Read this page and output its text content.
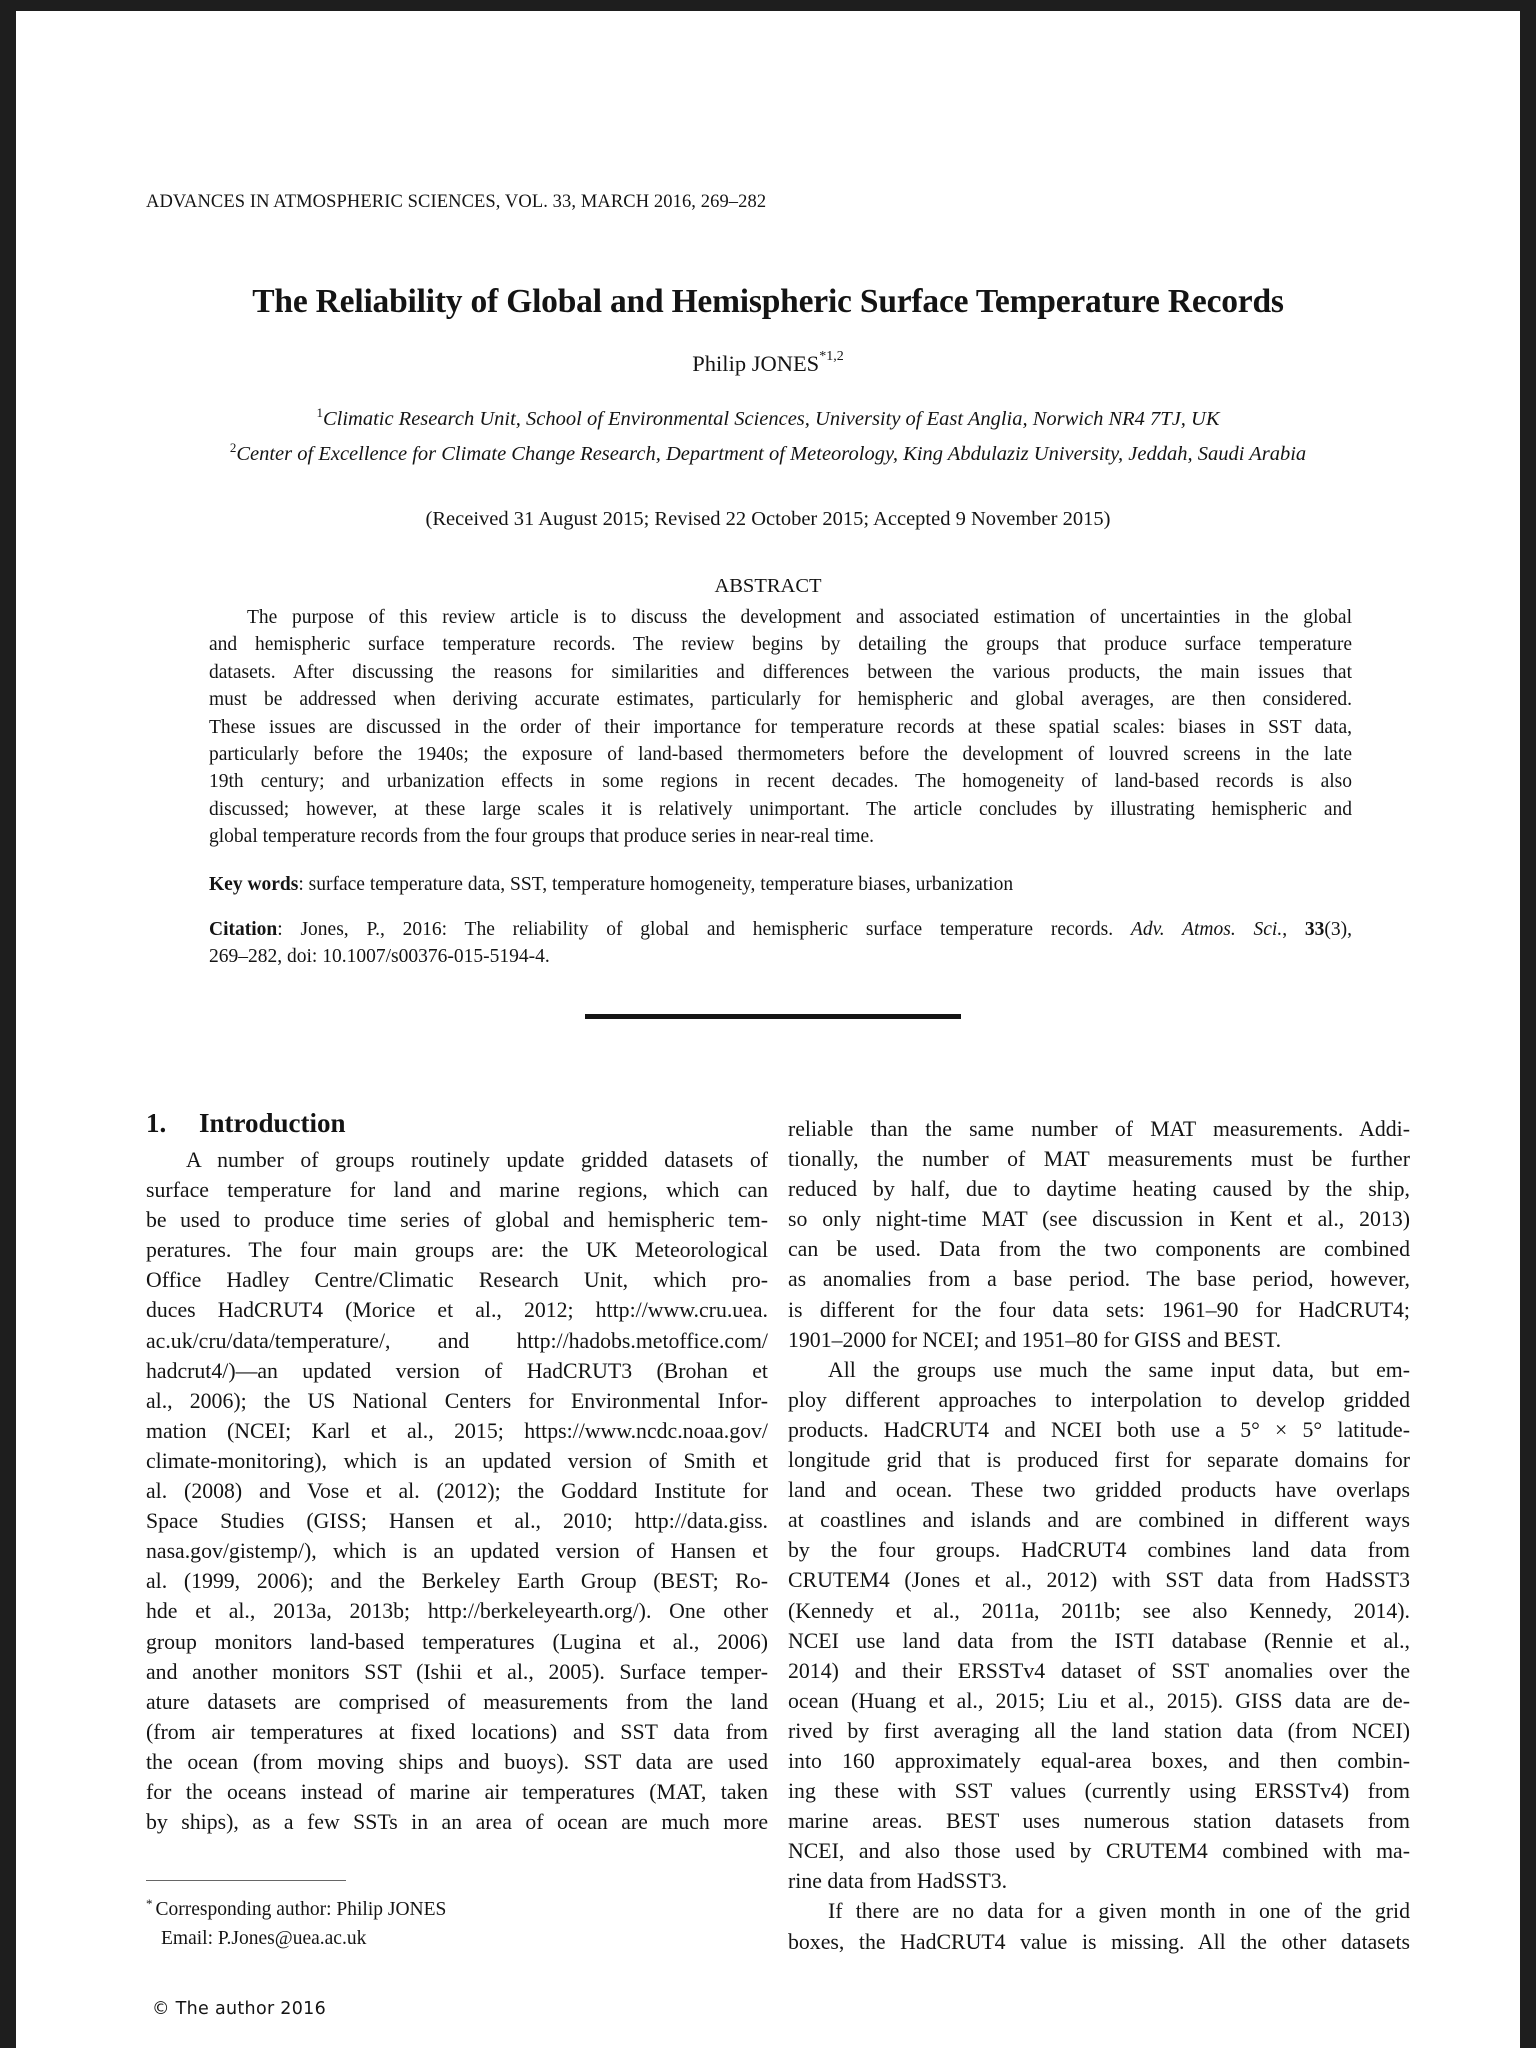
ADVANCES IN ATMOSPHERIC SCIENCES, VOL. 33, MARCH 2016, 269–282
The Reliability of Global and Hemispheric Surface Temperature Records
Philip JONES$^{*1,2}$
$^1$Climatic Research Unit, School of Environmental Sciences, University of East Anglia, Norwich NR4 7TJ, UK
$^2$Center of Excellence for Climate Change Research, Department of Meteorology, King Abdulaziz University, Jeddah, Saudi Arabia
(Received 31 August 2015; Revised 22 October 2015; Accepted 9 November 2015)
ABSTRACT
The purpose of this review article is to discuss the development and associated estimation of uncertainties in the global
and hemispheric surface temperature records. The review begins by detailing the groups that produce surface temperature
datasets. After discussing the reasons for similarities and differences between the various products, the main issues that
must be addressed when deriving accurate estimates, particularly for hemispheric and global averages, are then considered.
These issues are discussed in the order of their importance for temperature records at these spatial scales: biases in SST data,
particularly before the 1940s; the exposure of land-based thermometers before the development of louvred screens in the late
19th century; and urbanization effects in some regions in recent decades. The homogeneity of land-based records is also
discussed; however, at these large scales it is relatively unimportant. The article concludes by illustrating hemispheric and
global temperature records from the four groups that produce series in near-real time.
Key words: surface temperature data, SST, temperature homogeneity, temperature biases, urbanization
Citation: Jones, P., 2016: The reliability of global and hemispheric surface temperature records. Adv. Atmos. Sci., 33(3),
269–282, doi: 10.1007/s00376-015-5194-4.
1. Introduction
A number of groups routinely update gridded datasets of
surface temperature for land and marine regions, which can
be used to produce time series of global and hemispheric tem-
peratures. The four main groups are: the UK Meteorological
Office Hadley Centre/Climatic Research Unit, which pro-
duces HadCRUT4 (Morice et al., 2012; http://www.cru.uea.
ac.uk/cru/data/temperature/, and http://hadobs.metoffice.com/
hadcrut4/)—an updated version of HadCRUT3 (Brohan et
al., 2006); the US National Centers for Environmental Infor-
mation (NCEI; Karl et al., 2015; https://www.ncdc.noaa.gov/
climate-monitoring), which is an updated version of Smith et
al. (2008) and Vose et al. (2012); the Goddard Institute for
Space Studies (GISS; Hansen et al., 2010; http://data.giss.
nasa.gov/gistemp/), which is an updated version of Hansen et
al. (1999, 2006); and the Berkeley Earth Group (BEST; Ro-
hde et al., 2013a, 2013b; http://berkeleyearth.org/). One other
group monitors land-based temperatures (Lugina et al., 2006)
and another monitors SST (Ishii et al., 2005). Surface temper-
ature datasets are comprised of measurements from the land
(from air temperatures at fixed locations) and SST data from
the ocean (from moving ships and buoys). SST data are used
for the oceans instead of marine air temperatures (MAT, taken
by ships), as a few SSTs in an area of ocean are much more
reliable than the same number of MAT measurements. Addi-
tionally, the number of MAT measurements must be further
reduced by half, due to daytime heating caused by the ship,
so only night-time MAT (see discussion in Kent et al., 2013)
can be used. Data from the two components are combined
as anomalies from a base period. The base period, however,
is different for the four data sets: 1961–90 for HadCRUT4;
1901–2000 for NCEI; and 1951–80 for GISS and BEST.
All the groups use much the same input data, but em-
ploy different approaches to interpolation to develop gridded
products. HadCRUT4 and NCEI both use a 5° × 5° latitude-
longitude grid that is produced first for separate domains for
land and ocean. These two gridded products have overlaps
at coastlines and islands and are combined in different ways
by the four groups. HadCRUT4 combines land data from
CRUTEM4 (Jones et al., 2012) with SST data from HadSST3
(Kennedy et al., 2011a, 2011b; see also Kennedy, 2014).
NCEI use land data from the ISTI database (Rennie et al.,
2014) and their ERSSTv4 dataset of SST anomalies over the
ocean (Huang et al., 2015; Liu et al., 2015). GISS data are de-
rived by first averaging all the land station data (from NCEI)
into 160 approximately equal-area boxes, and then combin-
ing these with SST values (currently using ERSSTv4) from
marine areas. BEST uses numerous station datasets from
NCEI, and also those used by CRUTEM4 combined with ma-
rine data from HadSST3.
If there are no data for a given month in one of the grid
boxes, the HadCRUT4 value is missing. All the other datasets
* Corresponding author: Philip JONES
Email: P.Jones@uea.ac.uk
© The author 2016
